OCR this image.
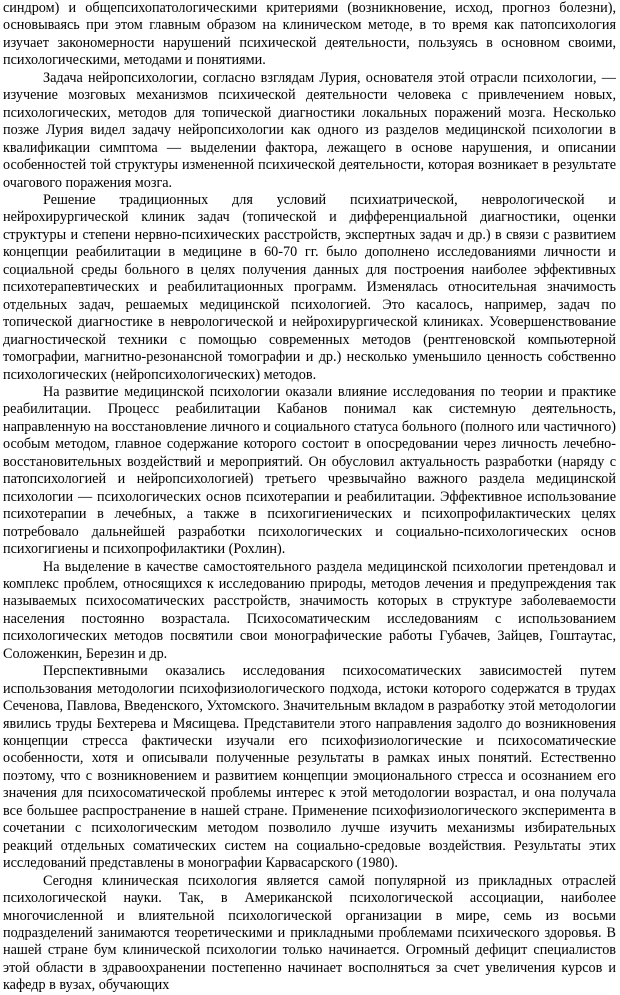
синдром) и общепсихопатологическими критериями (возникновение, исход, прогноз болезни), основываясь при этом главным образом на клиническом методе, в то время как патопсихология изучает закономерности нарушений психической деятельности, пользуясь в основном своими, психологическими, методами и понятиями.

Задача нейропсихологии, согласно взглядам Лурия, основателя этой отрасли психологии, — изучение мозговых механизмов психической деятельности человека с привлечением новых, психологических, методов для топической диагностики локальных поражений мозга. Несколько позже Лурия видел задачу нейропсихологии как одного из разделов медицинской психологии в квалификации симптома — выделении фактора, лежащего в основе нарушения, и описании особенностей той структуры измененной психической деятельности, которая возникает в результате очагового поражения мозга.

Решение традиционных для условий психиатрической, неврологической и нейрохирургической клиник задач (топической и дифференциальной диагностики, оценки структуры и степени нервно-психических расстройств, экспертных задач и др.) в связи с развитием концепции реабилитации в медицине в 60-70 гг. было дополнено исследованиями личности и социальной среды больного в целях получения данных для построения наиболее эффективных психотерапевтических и реабилитационных программ. Изменялась относительная значимость отдельных задач, решаемых медицинской психологией. Это касалось, например, задач по топической диагностике в неврологической и нейрохирургической клиниках. Усовершенствование диагностической техники с помощью современных методов (рентгеновской компьютерной томографии, магнитно-резонансной томографии и др.) несколько уменьшило ценность собственно психологических (нейропсихологических) методов.

На развитие медицинской психологии оказали влияние исследования по теории и практике реабилитации. Процесс реабилитации Кабанов понимал как системную деятельность, направленную на восстановление личного и социального статуса больного (полного или частичного) особым методом, главное содержание которого состоит в опосредовании через личность лечебно-восстановительных воздействий и мероприятий. Он обусловил актуальность разработки (наряду с патопсихологией и нейропсихологией) третьего чрезвычайно важного раздела медицинской психологии — психологических основ психотерапии и реабилитации. Эффективное использование психотерапии в лечебных, а также в психогигиенических и психопрофилактических целях потребовало дальнейшей разработки психологических и социально-психологических основ психогигиены и психопрофилактики (Рохлин).

На выделение в качестве самостоятельного раздела медицинской психологии претендовал и комплекс проблем, относящихся к исследованию природы, методов лечения и предупреждения так называемых психосоматических расстройств, значимость которых в структуре заболеваемости населения постоянно возрастала. Психосоматическим исследованиям с использованием психологических методов посвятили свои монографические работы Губачев, Зайцев, Гоштаутас, Соложенкин, Березин и др.

Перспективными оказались исследования психосоматических зависимостей путем использования методологии психофизиологического подхода, истоки которого содержатся в трудах Сеченова, Павлова, Введенского, Ухтомского. Значительным вкладом в разработку этой методологии явились труды Бехтерева и Мясищева. Представители этого направления задолго до возникновения концепции стресса фактически изучали его психофизиологические и психосоматические особенности, хотя и описывали полученные результаты в рамках иных понятий. Естественно поэтому, что с возникновением и развитием концепции эмоционального стресса и осознанием его значения для психосоматической проблемы интерес к этой методологии возрастал, и она получала все большее распространение в нашей стране. Применение психофизиологического эксперимента в сочетании с психологическим методом позволило лучше изучить механизмы избирательных реакций отдельных соматических систем на социально-средовые воздействия. Результаты этих исследований представлены в монографии Карвасарского (1980).

Сегодня клиническая психология является самой популярной из прикладных отраслей психологической науки. Так, в Американской психологической ассоциации, наиболее многочисленной и влиятельной психологической организации в мире, семь из восьми подразделений занимаются теоретическими и прикладными проблемами психического здоровья. В нашей стране бум клинической психологии только начинается. Огромный дефицит специалистов этой области в здравоохранении постепенно начинает восполняться за счет увеличения курсов и кафедр в вузах, обучающих
